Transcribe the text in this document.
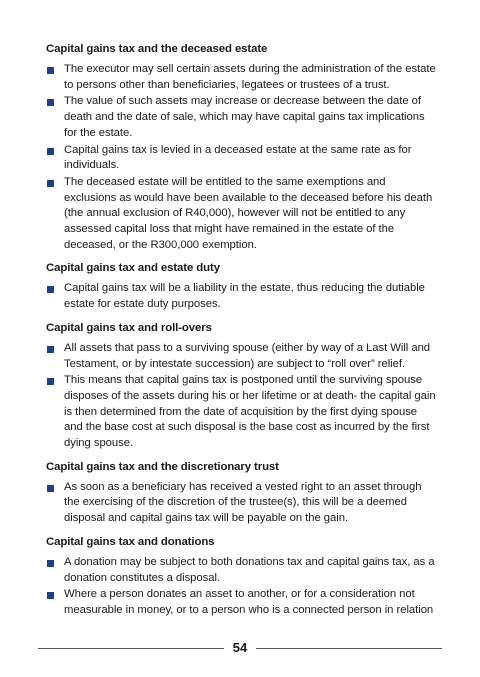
Capital gains tax and the deceased estate
The executor may sell certain assets during the administration of the estate to persons other than beneficiaries, legatees or trustees of a trust.
The value of such assets may increase or decrease between the date of death and the date of sale, which may have capital gains tax implications for the estate.
Capital gains tax is levied in a deceased estate at the same rate as for individuals.
The deceased estate will be entitled to the same exemptions and exclusions as would have been available to the deceased before his death (the annual exclusion of R40,000), however will not be entitled to any assessed capital loss that might have remained in the estate of the deceased, or the R300,000 exemption.
Capital gains tax and estate duty
Capital gains tax will be a liability in the estate, thus reducing the dutiable estate for estate duty purposes.
Capital gains tax and roll-overs
All assets that pass to a surviving spouse (either by way of a Last Will and Testament, or by intestate succession) are subject to “roll over” relief.
This means that capital gains tax is postponed until the surviving spouse disposes of the assets during his or her lifetime or at death- the capital gain is then determined from the date of acquisition by the first dying spouse and the base cost at such disposal is the base cost as incurred by the first dying spouse.
Capital gains tax and the discretionary trust
As soon as a beneficiary has received a vested right to an asset through the exercising of the discretion of the trustee(s), this will be a deemed disposal and capital gains tax will be payable on the gain.
Capital gains tax and donations
A donation may be subject to both donations tax and capital gains tax, as a donation constitutes a disposal.
Where a person donates an asset to another, or for a consideration not measurable in money, or to a person who is a connected person in relation
54
